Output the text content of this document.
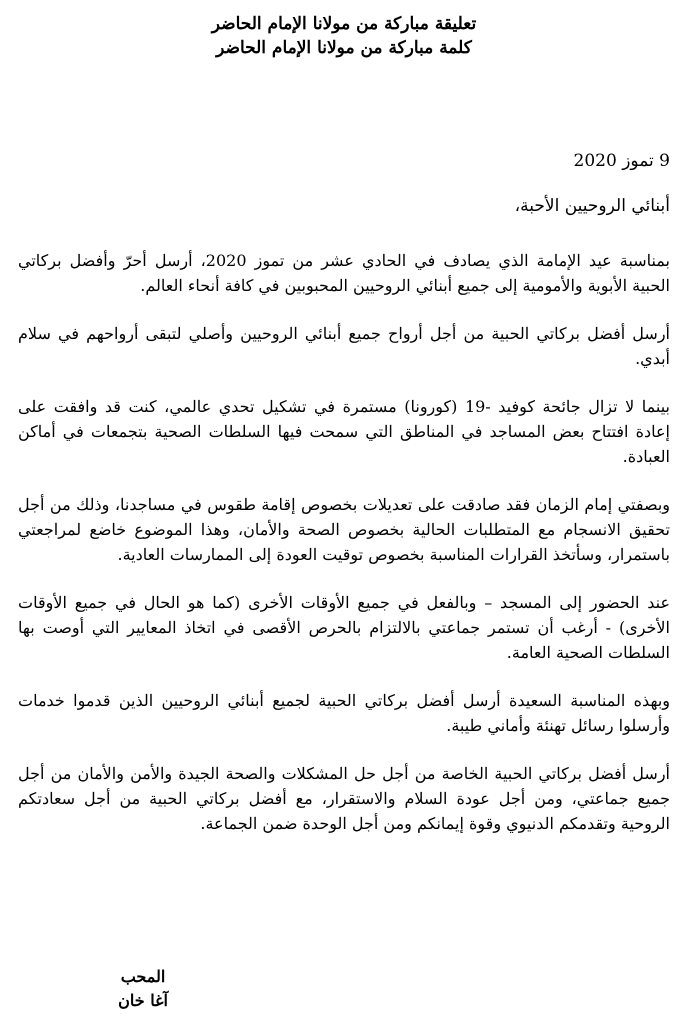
تعليقة مباركة من مولانا الإمام الحاضر

كلمة مباركة من مولانا الإمام الحاضر

9 تموز 2020
أبنائي الروحيين الأحبة،

بمناسبة عيد الإمامة الذي يصادف في الحادي عشر من تموز 2020، أرسل أحرّ وأفضل بركاتي الحبية الأبوية والأمومية إلى جميع أبنائي الروحيين المحبوبين في كافة أنحاء العالم.

أرسل أفضل بركاتي الحبية من أجل أرواح جميع أبنائي الروحيين وأصلي لتبقى أرواحهم في سلام أبدي.

بينما لا تزال جائحة كوفيد -19 (كورونا) مستمرة في تشكيل تحدي عالمي، كنت قد وافقت على إعادة افتتاح بعض المساجد في المناطق التي سمحت فيها السلطات الصحية بتجمعات في أماكن العبادة.

وبصفتي إمام الزمان فقد صادقت على تعديلات بخصوص إقامة طقوس في مساجدنا، وذلك من أجل تحقيق الانسجام مع المتطلبات الحالية بخصوص الصحة والأمان، وهذا الموضوع خاضع لمراجعتي باستمرار، وسأتخذ القرارات المناسبة بخصوص توقيت العودة إلى الممارسات العادية.

عند الحضور إلى المسجد – وبالفعل في جميع الأوقات الأخرى (كما هو الحال في جميع الأوقات الأخرى) - أرغب أن تستمر جماعتي بالالتزام بالحرص الأقصى في اتخاذ المعايير التي أوصت بها السلطات الصحية العامة.

وبهذه المناسبة السعيدة أرسل أفضل بركاتي الحبية لجميع أبنائي الروحيين الذين قدموا خدمات وأرسلوا رسائل تهنئة وأماني طيبة.

أرسل أفضل بركاتي الحبية الخاصة من أجل حل المشكلات والصحة الجيدة والأمن والأمان من أجل جميع جماعتي، ومن أجل عودة السلام والاستقرار، مع أفضل بركاتي الحبية من أجل سعادتكم الروحية وتقدمكم الدنيوي وقوة إيمانكم ومن أجل الوحدة ضمن الجماعة.

المحب

آغا خان
